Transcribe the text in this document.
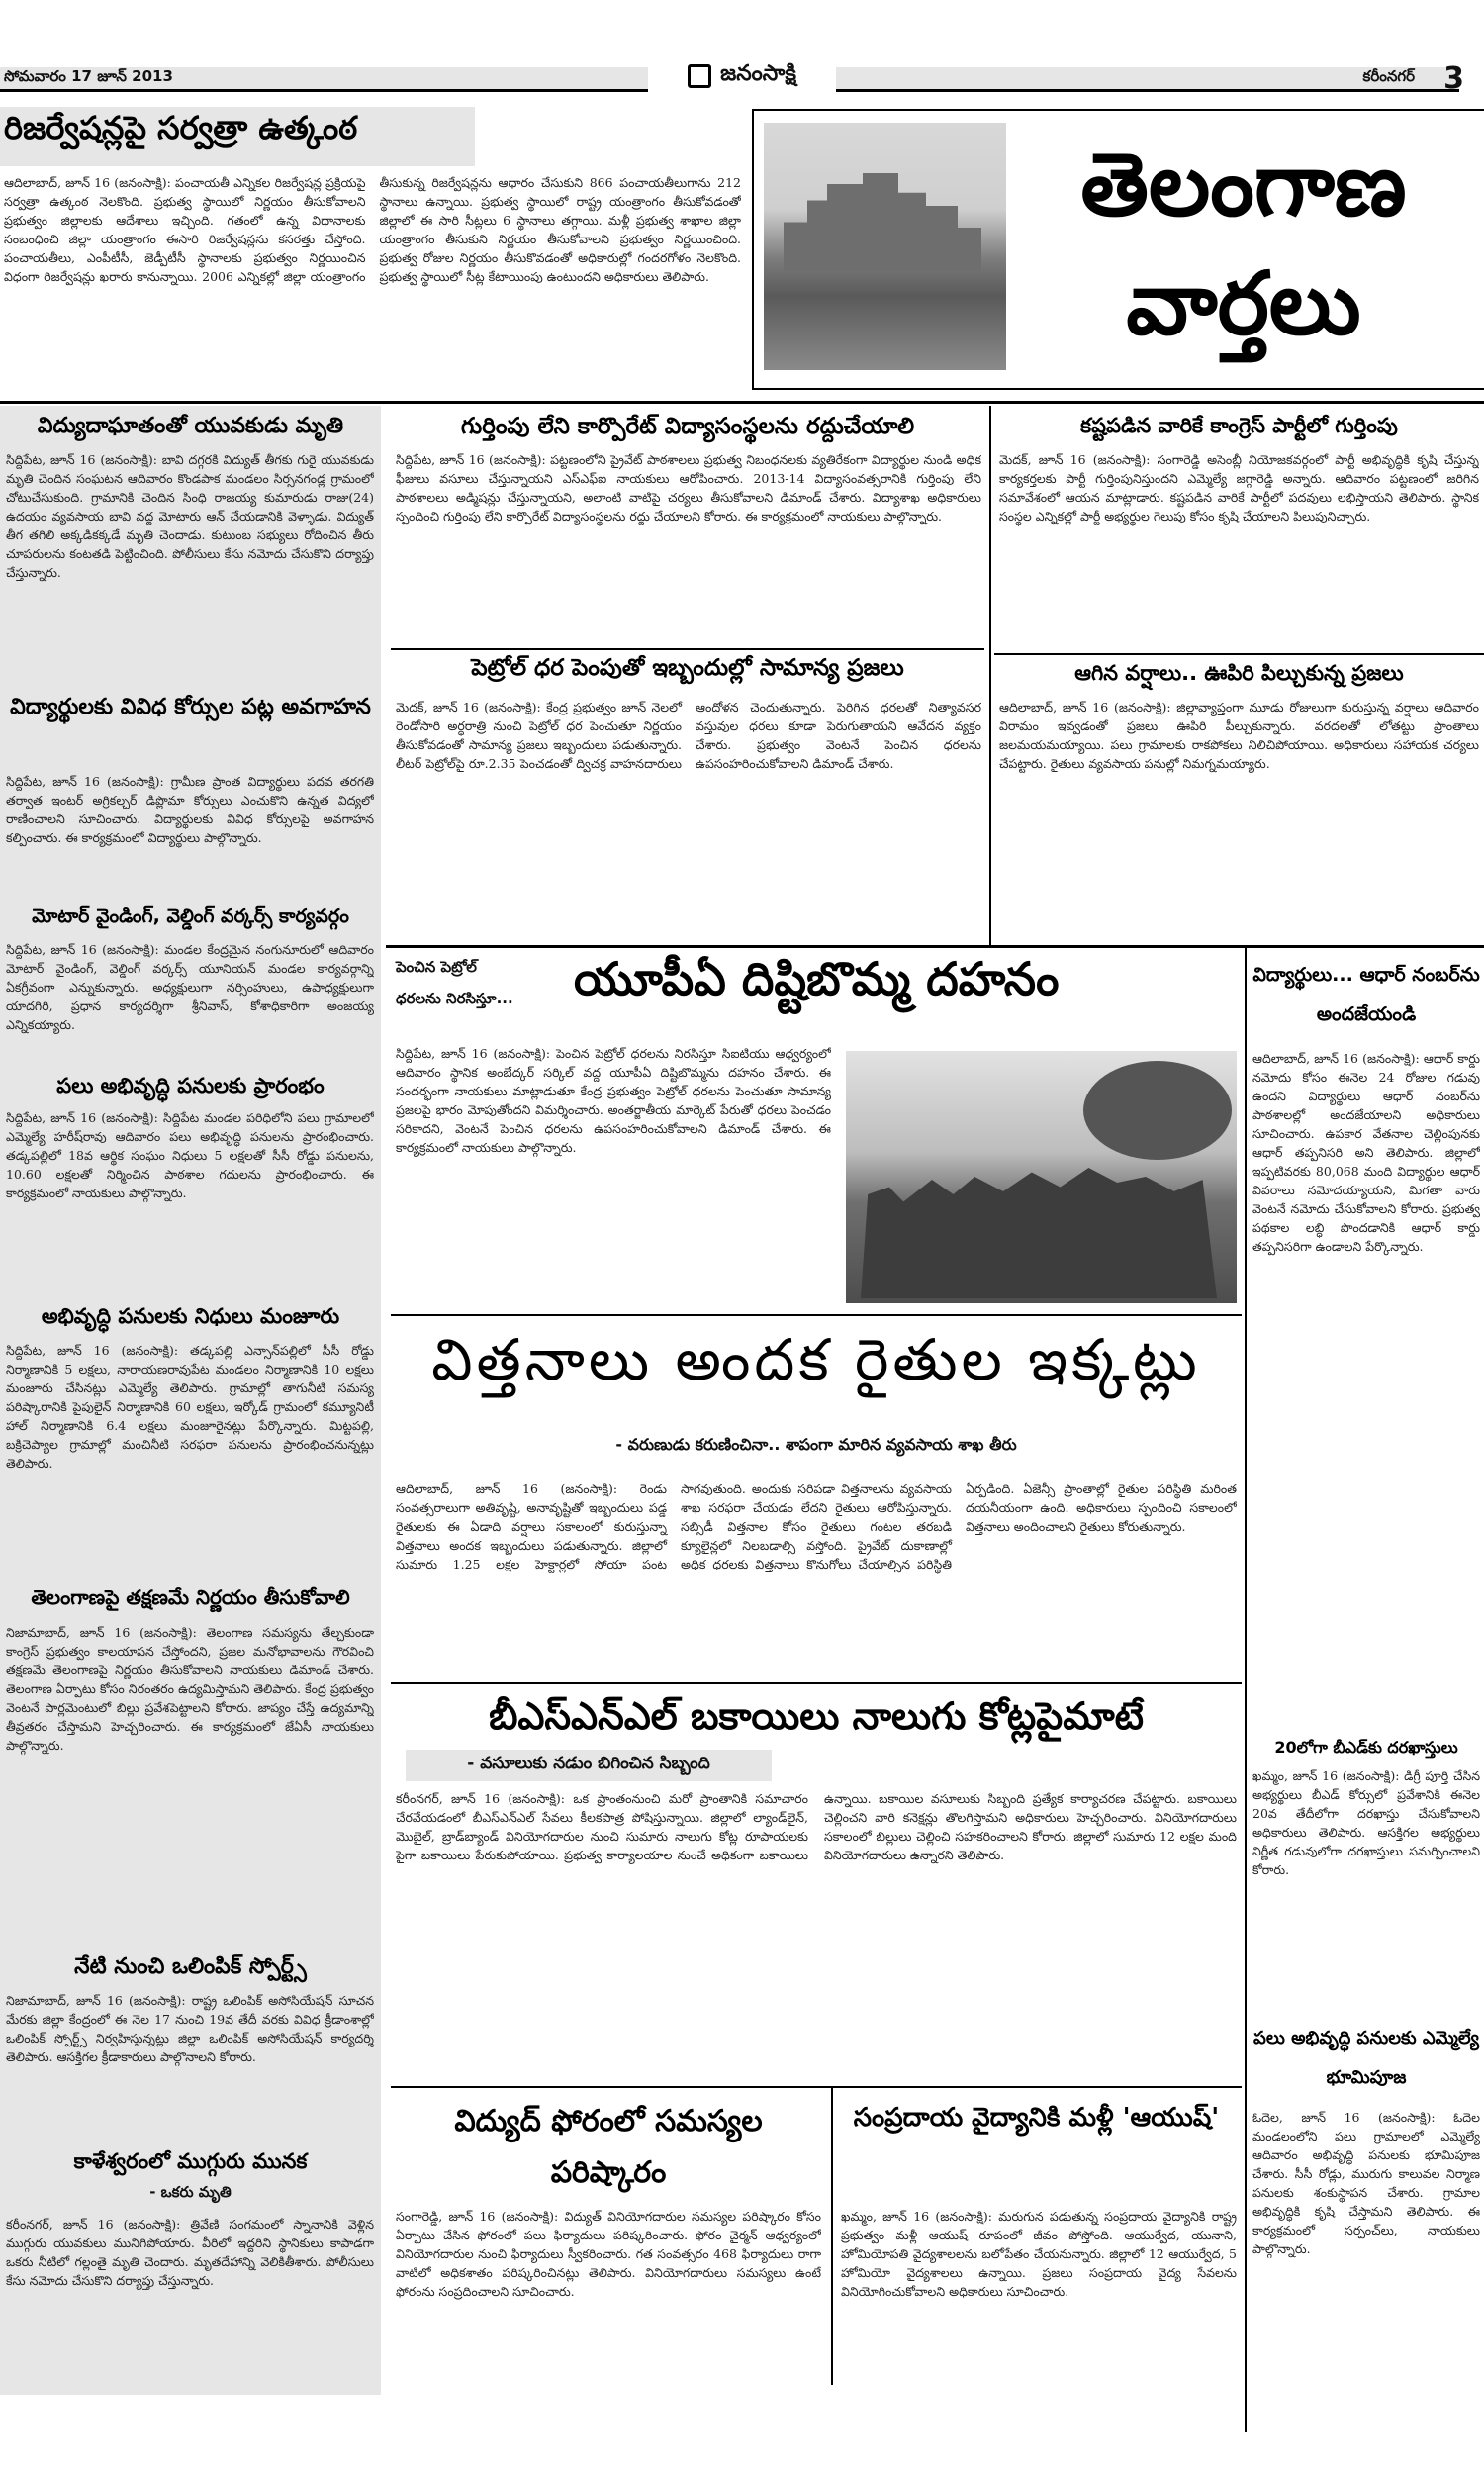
సోమవారం 17 జూన్ 2013	జనంసాక్షి	కరీంనగర్ 3
రిజర్వేషన్లపై సర్వత్రా ఉత్కంఠ
ఆదిలాబాద్, జూన్ 16 (జనంసాక్షి): పంచాయతీ ఎన్నికల రిజర్వేషన్ల ప్రక్రియపై సర్వత్రా ఉత్కంఠ నెలకొంది. ప్రభుత్వ స్థాయిలో నిర్ణయం తీసుకోవాలని ప్రభుత్వం జిల్లాలకు ఆదేశాలు ఇచ్చింది. గతంలో ఉన్న విధానాలకు సంబంధించి జిల్లా యంత్రాంగం ఈసారి రిజర్వేషన్లను కసరత్తు చేస్తోంది. పంచాయతీలు, ఎంపీటీసీ, జెడ్పీటీసీ స్థానాలకు ప్రభుత్వం నిర్ణయించిన విధంగా రిజర్వేషన్లు ఖరారు కానున్నాయి. 2006 ఎన్నికల్లో జిల్లా యంత్రాంగం తీసుకున్న రిజర్వేషన్లను ఆధారం చేసుకుని 866 పంచాయతీలుగాను 212 స్థానాలు ఉన్నాయి. ప్రభుత్వ స్థాయిలో రాష్ట్ర యంత్రాంగం తీసుకోవడంతో జిల్లాలో ఈ సారి సీట్లలు 6 స్థానాలు తగ్గాయి. మళ్లీ ప్రభుత్వ శాఖాల జిల్లా యంత్రాంగం తీసుకుని నిర్ణయం తీసుకోవాలని ప్రభుత్వం నిర్ణయించింది. ప్రభుత్వ రోజుల నిర్ణయం తీసుకొవడంతో అధికారుల్లో గందరగోళం నెలకొంది. ప్రభుత్వ స్థాయిలో సీట్ల కేటాయింపు ఉంటుందని అధికారులు తెలిపారు.
తెలంగాణ
వార్తలు
విద్యుదాఘాతంతో యువకుడు మృతి
సిద్దిపేట, జూన్ 16 (జనంసాక్షి): బావి దగ్గరకి విద్యుత్ తీగకు గురై యువకుడు మృతి చెందిన సంఘటన ఆదివారం కొండపాక మండలం సిర్సనగండ్ల గ్రామంలో చోటుచేసుకుంది. గ్రామానికి చెందిన సింధి రాజయ్య కుమారుడు రాజు(24) ఉదయం వ్యవసాయ బావి వద్ద మోటారు ఆన్ చేయడానికి వెళ్ళాడు. విద్యుత్ తీగ తగిలి అక్కడికక్కడే మృతి చెందాడు. కుటుంబ సభ్యులు రోదించిన తీరు చూపరులను కంటతడి పెట్టించింది. పోలీసులు కేసు నమోదు చేసుకొని దర్యాప్తు చేస్తున్నారు.
విద్యార్థులకు వివిధ కోర్సుల పట్ల అవగాహన
సిద్దిపేట, జూన్ 16 (జనంసాక్షి): గ్రామీణ ప్రాంత విద్యార్థులు పదవ తరగతి తర్వాత ఇంటర్ అగ్రికల్చర్ డిప్లొమా కోర్సులు ఎంచుకొని ఉన్నత విద్యలో రాణించాలని సూచించారు. విద్యార్థులకు వివిధ కోర్సులపై అవగాహన కల్పించారు. ఈ కార్యక్రమంలో విద్యార్థులు పాల్గొన్నారు.
మోటార్ వైండింగ్, వెల్డింగ్ వర్కర్స్ కార్యవర్గం
సిద్దిపేట, జూన్ 16 (జనంసాక్షి): మండల కేంద్రమైన నంగునూరులో ఆదివారం మోటార్ వైండింగ్, వెల్డింగ్ వర్కర్స్ యూనియన్ మండల కార్యవర్గాన్ని ఏకగ్రీవంగా ఎన్నుకున్నారు. అధ్యక్షులుగా నర్సింహులు, ఉపాధ్యక్షులుగా యాదగిరి, ప్రధాన కార్యదర్శిగా శ్రీనివాస్, కోశాధికారిగా అంజయ్య ఎన్నికయ్యారు.
పలు అభివృద్ధి పనులకు ప్రారంభం
సిద్దిపేట, జూన్ 16 (జనంసాక్షి): సిద్దిపేట మండల పరిధిలోని పలు గ్రామాలలో ఎమ్మెల్యే హరీష్‌రావు ఆదివారం పలు అభివృద్ధి పనులను ప్రారంభించారు. తడ్కపల్లిలో 18వ ఆర్థిక సంఘం నిధులు 5 లక్షలతో సీసీ రోడ్డు పనులను, 10.60 లక్షలతో నిర్మించిన పాఠశాల గదులను ప్రారంభించారు. ఈ కార్యక్రమంలో నాయకులు పాల్గొన్నారు.
అభివృద్ధి పనులకు నిధులు మంజూరు
సిద్దిపేట, జూన్ 16 (జనంసాక్షి): తడ్కపల్లి ఎన్సాన్‌పల్లిలో సీసీ రోడ్డు నిర్మాణానికి 5 లక్షలు, నారాయణరావుపేట మండలం నిర్మాణానికి 10 లక్షలు మంజూరు చేసినట్లు ఎమ్మెల్యే తెలిపారు. గ్రామాల్లో తాగునీటి సమస్య పరిష్కారానికి పైపులైన్ నిర్మాణానికి 60 లక్షలు, ఇర్కోడ్ గ్రామంలో కమ్యూనిటీ హాల్ నిర్మాణానికి 6.4 లక్షలు మంజూరైనట్లు పేర్కొన్నారు. మిట్టపల్లి, బక్రిచెప్యాల గ్రామాల్లో మంచినీటి సరఫరా పనులను ప్రారంభించనున్నట్లు తెలిపారు.
తెలంగాణపై తక్షణమే నిర్ణయం తీసుకోవాలి
నిజామాబాద్, జూన్ 16 (జనంసాక్షి): తెలంగాణ సమస్యను తేల్చకుండా కాంగ్రెస్ ప్రభుత్వం కాలయాపన చేస్తోందని, ప్రజల మనోభావాలను గౌరవించి తక్షణమే తెలంగాణపై నిర్ణయం తీసుకోవాలని నాయకులు డిమాండ్ చేశారు. తెలంగాణ ఏర్పాటు కోసం నిరంతరం ఉద్యమిస్తామని తెలిపారు. కేంద్ర ప్రభుత్వం వెంటనే పార్లమెంటులో బిల్లు ప్రవేశపెట్టాలని కోరారు. జాప్యం చేస్తే ఉద్యమాన్ని తీవ్రతరం చేస్తామని హెచ్చరించారు. ఈ కార్యక్రమంలో జేఏసీ నాయకులు పాల్గొన్నారు.
నేటి నుంచి ఒలింపిక్ స్పోర్ట్స్
నిజామాబాద్, జూన్ 16 (జనంసాక్షి): రాష్ట్ర ఒలింపిక్ అసోసియేషన్ సూచన మేరకు జిల్లా కేంద్రంలో ఈ నెల 17 నుంచి 19వ తేదీ వరకు వివిధ క్రీడాంశాల్లో ఒలింపిక్ స్పోర్ట్స్ నిర్వహిస్తున్నట్లు జిల్లా ఒలింపిక్ అసోసియేషన్ కార్యదర్శి తెలిపారు. ఆసక్తిగల క్రీడాకారులు పాల్గొనాలని కోరారు.
కాళేశ్వరంలో ముగ్గురు మునక
- ఒకరు మృతి
కరీంనగర్, జూన్ 16 (జనంసాక్షి): త్రివేణి సంగమంలో స్నానానికి వెళ్లిన ముగ్గురు యువకులు మునిగిపోయారు. వీరిలో ఇద్దరిని స్థానికులు కాపాడగా ఒకరు నీటిలో గల్లంతై మృతి చెందారు. మృతదేహాన్ని వెలికితీశారు. పోలీసులు కేసు నమోదు చేసుకొని దర్యాప్తు చేస్తున్నారు.
గుర్తింపు లేని కార్పొరేట్ విద్యాసంస్థలను రద్దుచేయాలి
సిద్దిపేట, జూన్ 16 (జనంసాక్షి): పట్టణంలోని ప్రైవేట్ పాఠశాలలు ప్రభుత్వ నిబంధనలకు వ్యతిరేకంగా విద్యార్థుల నుండి అధిక ఫీజులు వసూలు చేస్తున్నాయని ఎస్ఎఫ్ఐ నాయకులు ఆరోపించారు. 2013-14 విద్యాసంవత్సరానికి గుర్తింపు లేని పాఠశాలలు అడ్మిషన్లు చేస్తున్నాయని, అలాంటి వాటిపై చర్యలు తీసుకోవాలని డిమాండ్ చేశారు. విద్యాశాఖ అధికారులు స్పందించి గుర్తింపు లేని కార్పొరేట్ విద్యాసంస్థలను రద్దు చేయాలని కోరారు. ఈ కార్యక్రమంలో నాయకులు పాల్గొన్నారు.
పెట్రోల్ ధర పెంపుతో ఇబ్బందుల్లో సామాన్య ప్రజలు
మెదక్, జూన్ 16 (జనంసాక్షి): కేంద్ర ప్రభుత్వం జూన్ నెలలో రెండోసారి అర్ధరాత్రి నుంచి పెట్రోల్ ధర పెంచుతూ నిర్ణయం తీసుకోవడంతో సామాన్య ప్రజలు ఇబ్బందులు పడుతున్నారు. లీటర్ పెట్రోల్‌పై రూ.2.35 పెంచడంతో ద్విచక్ర వాహనదారులు ఆందోళన చెందుతున్నారు. పెరిగిన ధరలతో నిత్యావసర వస్తువుల ధరలు కూడా పెరుగుతాయని ఆవేదన వ్యక్తం చేశారు. ప్రభుత్వం వెంటనే పెంచిన ధరలను ఉపసంహరించుకోవాలని డిమాండ్ చేశారు.
కష్టపడిన వారికే కాంగ్రెస్ పార్టీలో గుర్తింపు
మెదక్, జూన్ 16 (జనంసాక్షి): సంగారెడ్డి అసెంబ్లీ నియోజకవర్గంలో పార్టీ అభివృద్ధికి కృషి చేస్తున్న కార్యకర్తలకు పార్టీ గుర్తింపునిస్తుందని ఎమ్మెల్యే జగ్గారెడ్డి అన్నారు. ఆదివారం పట్టణంలో జరిగిన సమావేశంలో ఆయన మాట్లాడారు. కష్టపడిన వారికే పార్టీలో పదవులు లభిస్తాయని తెలిపారు. స్థానిక సంస్థల ఎన్నికల్లో పార్టీ అభ్యర్థుల గెలుపు కోసం కృషి చేయాలని పిలుపునిచ్చారు.
ఆగిన వర్షాలు.. ఊపిరి పిల్చుకున్న ప్రజలు
ఆదిలాబాద్, జూన్ 16 (జనంసాక్షి): జిల్లావ్యాప్తంగా మూడు రోజులుగా కురుస్తున్న వర్షాలు ఆదివారం విరామం ఇవ్వడంతో ప్రజలు ఊపిరి పీల్చుకున్నారు. వరదలతో లోతట్టు ప్రాంతాలు జలమయమయ్యాయి. పలు గ్రామాలకు రాకపోకలు నిలిచిపోయాయి. అధికారులు సహాయక చర్యలు చేపట్టారు. రైతులు వ్యవసాయ పనుల్లో నిమగ్నమయ్యారు.
పెంచిన పెట్రోల్
ధరలను నిరసిస్తూ... యూపీఏ దిష్టిబొమ్మ దహనం
సిద్దిపేట, జూన్ 16 (జనంసాక్షి): పెంచిన పెట్రోల్ ధరలను నిరసిస్తూ సిఐటియు ఆధ్వర్యంలో ఆదివారం స్థానిక అంబేద్కర్ సర్కిల్ వద్ద యూపీఏ దిష్టిబొమ్మను దహనం చేశారు. ఈ సందర్భంగా నాయకులు మాట్లాడుతూ కేంద్ర ప్రభుత్వం పెట్రోల్ ధరలను పెంచుతూ సామాన్య ప్రజలపై భారం మోపుతోందని విమర్శించారు. అంతర్జాతీయ మార్కెట్ పేరుతో ధరలు పెంచడం సరికాదని, వెంటనే పెంచిన ధరలను ఉపసంహరించుకోవాలని డిమాండ్ చేశారు. ఈ కార్యక్రమంలో నాయకులు పాల్గొన్నారు.
విద్యార్థులు... ఆధార్ నంబర్‌ను అందజేయండి
ఆదిలాబాద్, జూన్ 16 (జనంసాక్షి): ఆధార్ కార్డు నమోదు కోసం ఈనెల 24 రోజుల గడువు ఉందని విద్యార్థులు ఆధార్ నంబర్‌ను పాఠశాలల్లో అందజేయాలని అధికారులు సూచించారు. ఉపకార వేతనాల చెల్లింపునకు ఆధార్ తప్పనిసరి అని తెలిపారు. జిల్లాలో ఇప్పటివరకు 80,068 మంది విద్యార్థుల ఆధార్ వివరాలు నమోదయ్యాయని, మిగతా వారు వెంటనే నమోదు చేసుకోవాలని కోరారు. ప్రభుత్వ పథకాల లబ్ధి పొందడానికి ఆధార్ కార్డు తప్పనిసరిగా ఉండాలని పేర్కొన్నారు.
20లోగా బీఎడ్‌కు దరఖాస్తులు
ఖమ్మం, జూన్ 16 (జనంసాక్షి): డిగ్రీ పూర్తి చేసిన అభ్యర్థులు బీఎడ్ కోర్సులో ప్రవేశానికి ఈనెల 20వ తేదీలోగా దరఖాస్తు చేసుకోవాలని అధికారులు తెలిపారు. ఆసక్తిగల అభ్యర్థులు నిర్ణీత గడువులోగా దరఖాస్తులు సమర్పించాలని కోరారు.
పలు అభివృద్ధి పనులకు ఎమ్మెల్యే భూమిపూజ
ఓదెల, జూన్ 16 (జనంసాక్షి): ఓదెల మండలంలోని పలు గ్రామాలలో ఎమ్మెల్యే ఆదివారం అభివృద్ధి పనులకు భూమిపూజ చేశారు. సీసీ రోడ్లు, మురుగు కాలువల నిర్మాణ పనులకు శంకుస్థాపన చేశారు. గ్రామాల అభివృద్ధికి కృషి చేస్తామని తెలిపారు. ఈ కార్యక్రమంలో సర్పంచ్‌లు, నాయకులు పాల్గొన్నారు.
విత్తనాలు అందక రైతుల ఇక్కట్లు
- వరుణుడు కరుణించినా.. శాపంగా మారిన వ్యవసాయ శాఖ తీరు
ఆదిలాబాద్, జూన్ 16 (జనంసాక్షి): రెండు సంవత్సరాలుగా అతివృష్టి, అనావృష్టితో ఇబ్బందులు పడ్డ రైతులకు ఈ ఏడాది వర్షాలు సకాలంలో కురుస్తున్నా విత్తనాలు అందక ఇబ్బందులు పడుతున్నారు. జిల్లాలో సుమారు 1.25 లక్షల హెక్టార్లలో సోయా పంట సాగవుతుంది. అందుకు సరిపడా విత్తనాలను వ్యవసాయ శాఖ సరఫరా చేయడం లేదని రైతులు ఆరోపిస్తున్నారు. సబ్సిడీ విత్తనాల కోసం రైతులు గంటల తరబడి క్యూలైన్లలో నిలబడాల్సి వస్తోంది. ప్రైవేట్ దుకాణాల్లో అధిక ధరలకు విత్తనాలు కొనుగోలు చేయాల్సిన పరిస్థితి ఏర్పడింది. ఏజెన్సీ ప్రాంతాల్లో రైతుల పరిస్థితి మరింత దయనీయంగా ఉంది. అధికారులు స్పందించి సకాలంలో విత్తనాలు అందించాలని రైతులు కోరుతున్నారు.
బీఎస్ఎన్ఎల్ బకాయిలు నాలుగు కోట్లపైమాటే
- వసూలుకు నడుం బిగించిన సిబ్బంది
కరీంనగర్, జూన్ 16 (జనంసాక్షి): ఒక ప్రాంతంనుంచి మరో ప్రాంతానికి సమాచారం చేరవేయడంలో బీఎస్ఎన్ఎల్ సేవలు కీలకపాత్ర పోషిస్తున్నాయి. జిల్లాలో ల్యాండ్‌లైన్, మొబైల్, బ్రాడ్‌బ్యాండ్ వినియోగదారుల నుంచి సుమారు నాలుగు కోట్ల రూపాయలకు పైగా బకాయిలు పేరుకుపోయాయి. ప్రభుత్వ కార్యాలయాల నుంచే అధికంగా బకాయిలు ఉన్నాయి. బకాయిల వసూలుకు సిబ్బంది ప్రత్యేక కార్యాచరణ చేపట్టారు. బకాయిలు చెల్లించని వారి కనెక్షన్లు తొలగిస్తామని అధికారులు హెచ్చరించారు. వినియోగదారులు సకాలంలో బిల్లులు చెల్లించి సహకరించాలని కోరారు. జిల్లాలో సుమారు 12 లక్షల మంది వినియోగదారులు ఉన్నారని తెలిపారు.
విద్యుద్ ఫోరంలో సమస్యల పరిష్కారం
సంగారెడ్డి, జూన్ 16 (జనంసాక్షి): విద్యుత్ వినియోగదారుల సమస్యల పరిష్కారం కోసం ఏర్పాటు చేసిన ఫోరంలో పలు ఫిర్యాదులు పరిష్కరించారు. ఫోరం చైర్మన్ ఆధ్వర్యంలో వినియోగదారుల నుంచి ఫిర్యాదులు స్వీకరించారు. గత సంవత్సరం 468 ఫిర్యాదులు రాగా వాటిలో అధికశాతం పరిష్కరించినట్లు తెలిపారు. వినియోగదారులు సమస్యలు ఉంటే ఫోరంను సంప్రదించాలని సూచించారు.
సంప్రదాయ వైద్యానికి మళ్లీ 'ఆయుష్'
ఖమ్మం, జూన్ 16 (జనంసాక్షి): మరుగున పడుతున్న సంప్రదాయ వైద్యానికి రాష్ట్ర ప్రభుత్వం మళ్లీ ఆయుష్ రూపంలో జీవం పోస్తోంది. ఆయుర్వేద, యునాని, హోమియోపతి వైద్యశాలలను బలోపేతం చేయనున్నారు. జిల్లాలో 12 ఆయుర్వేద, 5 హోమియో వైద్యశాలలు ఉన్నాయి. ప్రజలు సంప్రదాయ వైద్య సేవలను వినియోగించుకోవాలని అధికారులు సూచించారు.
